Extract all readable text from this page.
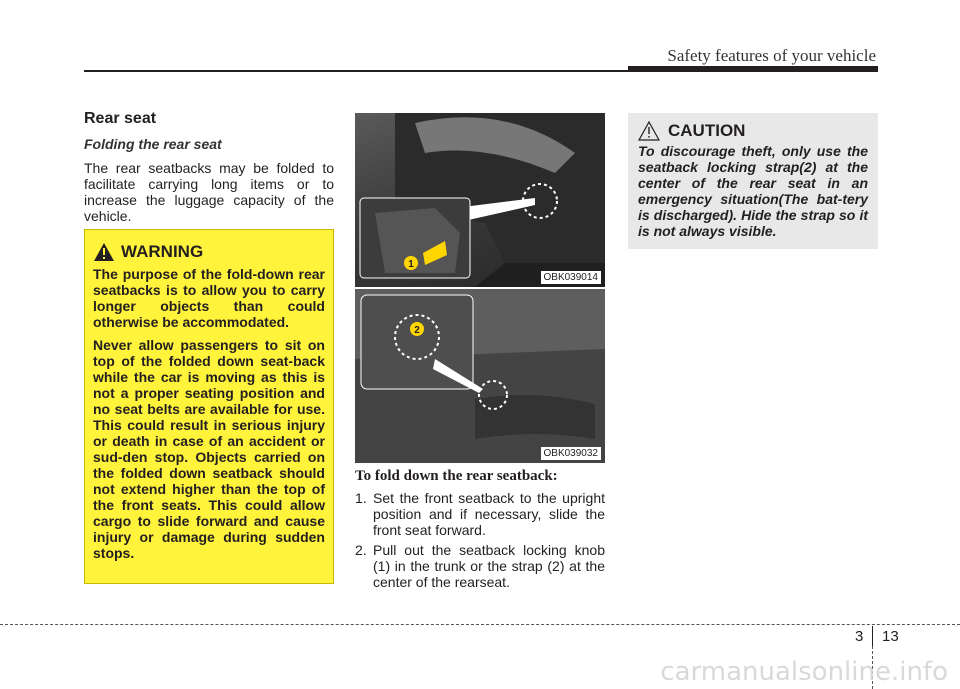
Safety features of your vehicle

Rear seat

Folding the rear seat

The rear seatbacks may be folded to facilitate carrying long items or to increase the luggage capacity of the vehicle.

WARNING

The purpose of the fold-down rear seatbacks is to allow you to carry longer objects than could otherwise be accommodated.

Never allow passengers to sit on top of the folded down seat-back while the car is moving as this is not a proper seating position and no seat belts are available for use. This could result in serious injury or death in case of an accident or sud-den stop. Objects carried on the folded down seatback should not extend higher than the top of the front seats. This could allow cargo to slide forward and cause injury or damage during sudden stops.

1
OBK039014
2
OBK039032

To fold down the rear seatback:

1. Set the front seatback to the upright position and if necessary, slide the front seat forward.
2. Pull out the seatback locking knob (1) in the trunk or the strap (2) at the center of the rearseat.
CAUTION

To discourage theft, only use the seatback locking strap(2) at the center of the rear seat in an emergency situation(The bat-tery is discharged). Hide the strap so it is not always visible.

3 13
carmanualsonline.info
